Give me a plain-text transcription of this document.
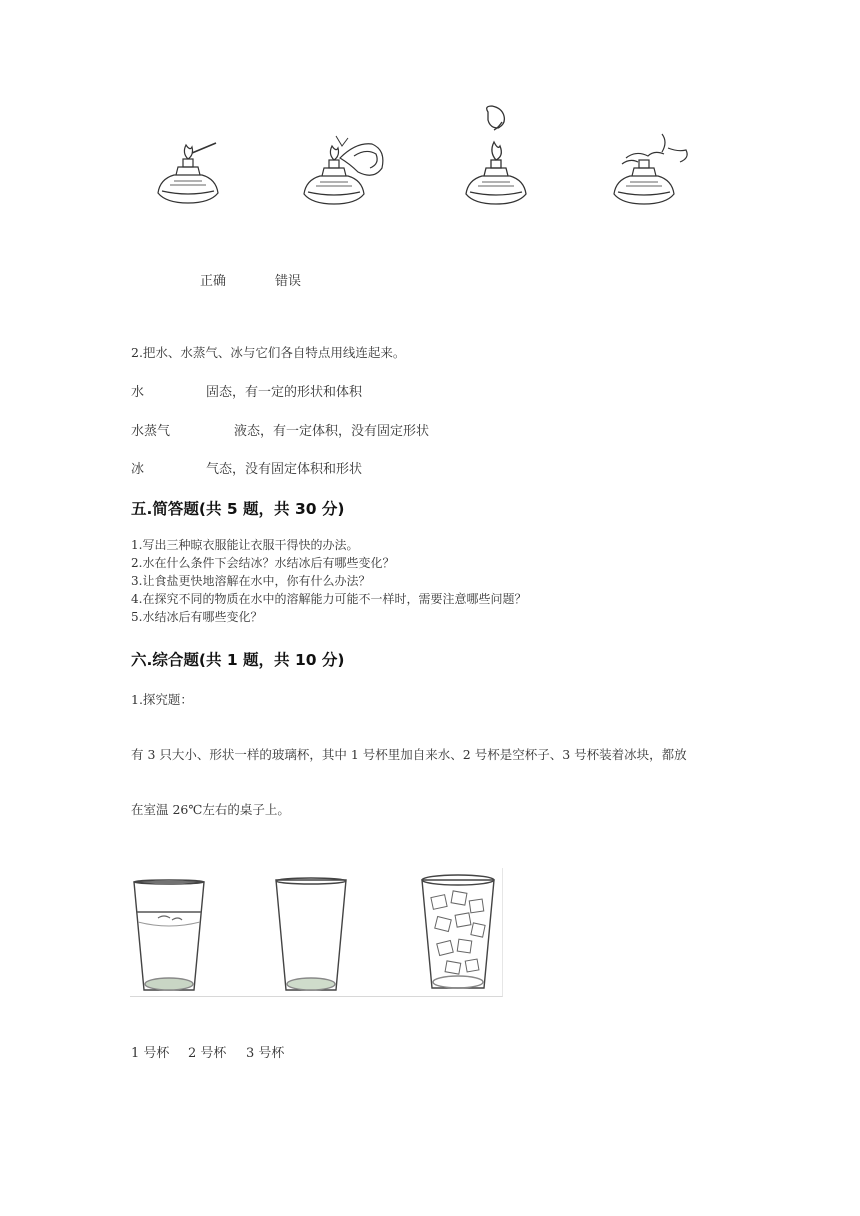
正确	错误
2.把水、水蒸气、冰与它们各自特点用线连起来。
水	固态，有一定的形状和体积
水蒸气	液态，有一定体积，没有固定形状
冰	气态，没有固定体积和形状
五.简答题(共 5 题，共 30 分)
1.写出三种晾衣服能让衣服干得快的办法。
2.水在什么条件下会结冰？水结冰后有哪些变化？
3.让食盐更快地溶解在水中，你有什么办法？
4.在探究不同的物质在水中的溶解能力可能不一样时，需要注意哪些问题？
5.水结冰后有哪些变化？
六.综合题(共 1 题，共 10 分)
1.探究题：
有 3 只大小、形状一样的玻璃杯，其中 1 号杯里加自来水、2 号杯是空杯子、3 号杯装着冰块，都放
在室温 26℃左右的桌子上。
1 号杯 2 号杯 3 号杯
